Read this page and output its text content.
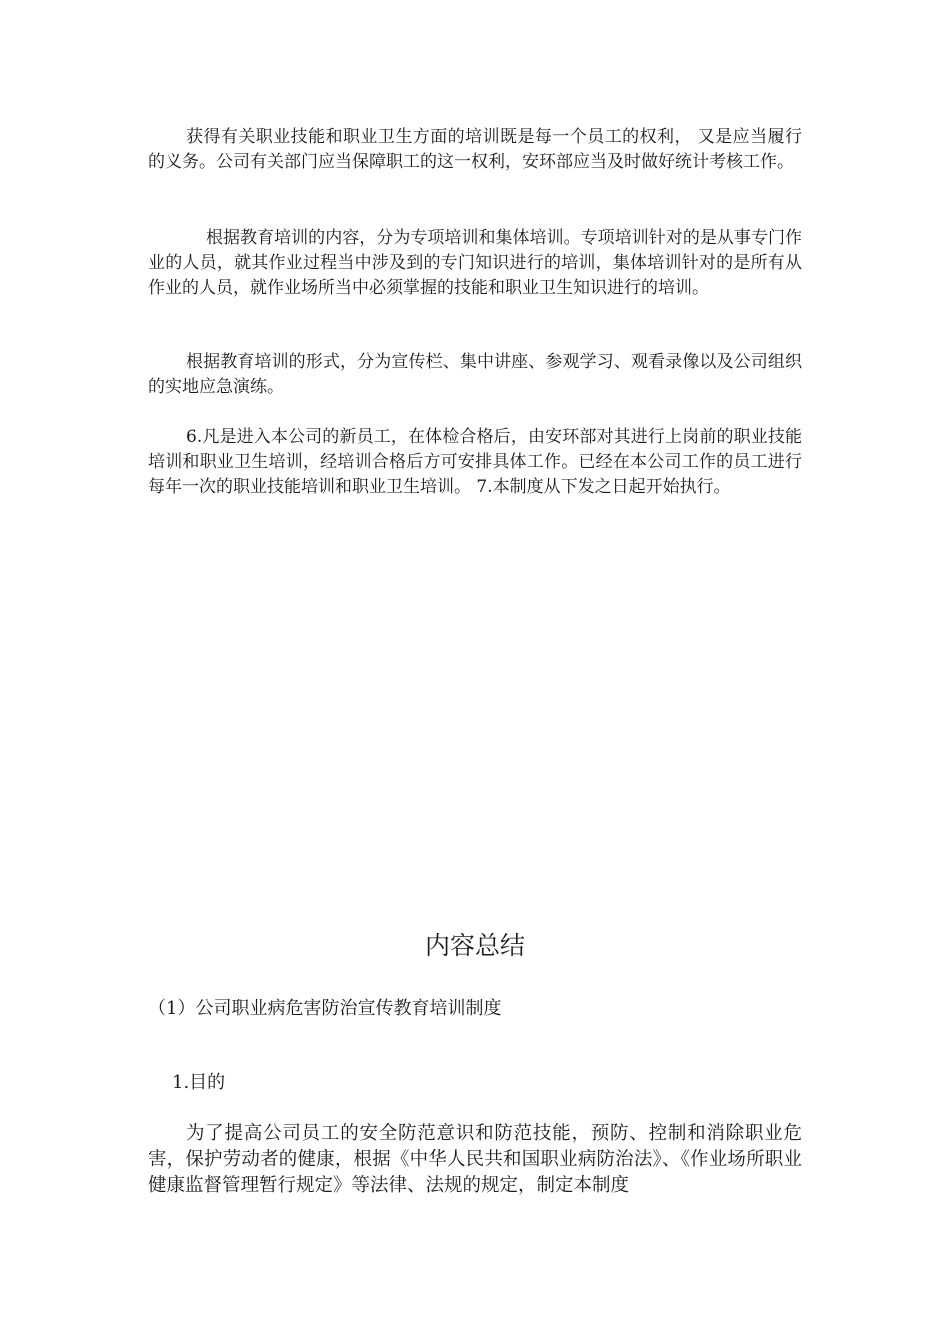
获得有关职业技能和职业卫生方面的培训既是每一个员工的权利， 又是应当履行的义务。公司有关部门应当保障职工的这一权利，安环部应当及时做好统计考核工作。

根据教育培训的内容，分为专项培训和集体培训。专项培训针对的是从事专门作业的人员，就其作业过程当中涉及到的专门知识进行的培训，集体培训针对的是所有从作业的人员，就作业场所当中必须掌握的技能和职业卫生知识进行的培训。

根据教育培训的形式，分为宣传栏、集中讲座、参观学习、观看录像以及公司组织的实地应急演练。

6.凡是进入本公司的新员工，在体检合格后，由安环部对其进行上岗前的职业技能培训和职业卫生培训，经培训合格后方可安排具体工作。已经在本公司工作的员工进行每年一次的职业技能培训和职业卫生培训。 7.本制度从下发之日起开始执行。

内容总结

（1）公司职业病危害防治宣传教育培训制度

1.目的

为了提高公司员工的安全防范意识和防范技能，预防、控制和消除职业危害，保护劳动者的健康，根据《中华人民共和国职业病防治法》、《作业场所职业健康监督管理暂行规定》等法律、法规的规定，制定本制度
